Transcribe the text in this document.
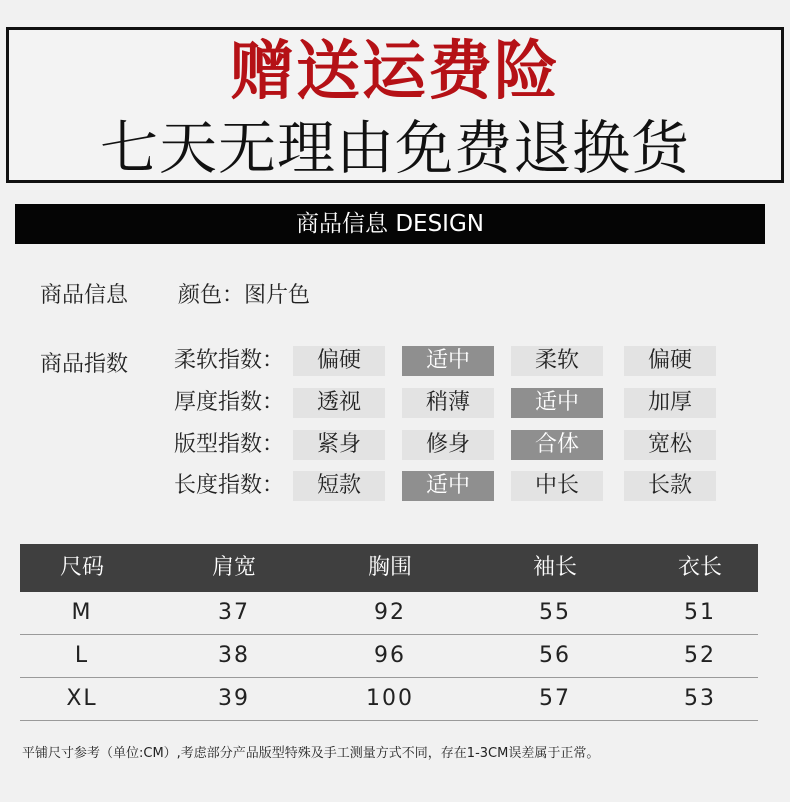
赠送运费险
七天无理由免费退换货
商品信息 DESIGN
商品信息 颜色：图片色
商品指数 柔软指数：	偏硬	适中	柔软	偏硬
厚度指数：	透视	稍薄	适中	加厚
版型指数：	紧身	修身	合体	宽松
长度指数：	短款	适中	中长	长款
尺码	肩宽	胸围	袖长	衣长
M	37	92	55	51
L	38	96	56	52
XL	39	100	57	53
平铺尺寸参考（单位:CM）,考虑部分产品版型特殊及手工测量方式不同，存在1-3CM误差属于正常。
